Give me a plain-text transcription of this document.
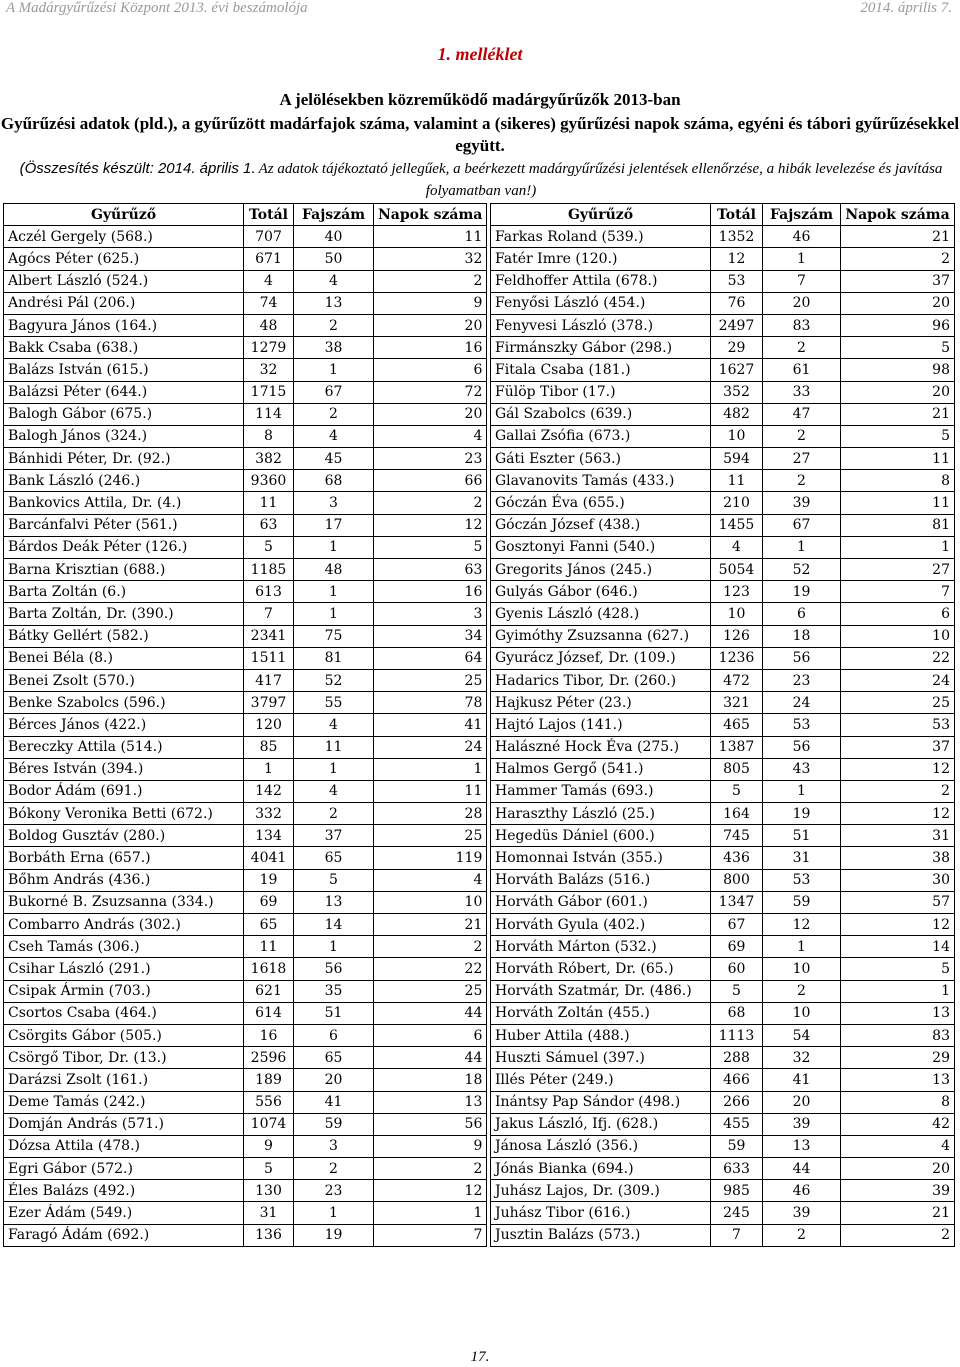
A Madárgyűrűzési Központ 2013. évi beszámolója	2014. április 7.
1. melléklet
A jelölésekben közreműködő madárgyűrűzők 2013-ban
Gyűrűzési adatok (pld.), a gyűrűzött madárfajok száma, valamint a (sikeres) gyűrűzési napok száma, egyéni és tábori gyűrűzésekkel együtt.
(Összesítés készült: 2014. április 1. Az adatok tájékoztató jellegűek, a beérkezett madárgyűrűzési jelentések ellenőrzése, a hibák levelezése és javítása folyamatban van!)
Gyűrűző	Totál	Fajszám	Napok száma
Aczél Gergely (568.)	707	40	11
Agócs Péter (625.)	671	50	32
Albert László (524.)	4	4	2
Andrési Pál (206.)	74	13	9
Bagyura János (164.)	48	2	20
Bakk Csaba (638.)	1279	38	16
Balázs István (615.)	32	1	6
Balázsi Péter (644.)	1715	67	72
Balogh Gábor (675.)	114	2	20
Balogh János (324.)	8	4	4
Bánhidi Péter, Dr. (92.)	382	45	23
Bank László (246.)	9360	68	66
Bankovics Attila, Dr. (4.)	11	3	2
Barcánfalvi Péter (561.)	63	17	12
Bárdos Deák Péter (126.)	5	1	5
Barna Krisztian (688.)	1185	48	63
Barta Zoltán (6.)	613	1	16
Barta Zoltán, Dr. (390.)	7	1	3
Bátky Gellért (582.)	2341	75	34
Benei Béla (8.)	1511	81	64
Benei Zsolt (570.)	417	52	25
Benke Szabolcs (596.)	3797	55	78
Bérces János (422.)	120	4	41
Bereczky Attila (514.)	85	11	24
Béres István (394.)	1	1	1
Bodor Ádám (691.)	142	4	11
Bókony Veronika Betti (672.)	332	2	28
Boldog Gusztáv (280.)	134	37	25
Borbáth Erna (657.)	4041	65	119
Bőhm András (436.)	19	5	4
Bukorné B. Zsuzsanna (334.)	69	13	10
Combarro András (302.)	65	14	21
Cseh Tamás (306.)	11	1	2
Csihar László (291.)	1618	56	22
Csipak Ármin (703.)	621	35	25
Csortos Csaba (464.)	614	51	44
Csörgits Gábor (505.)	16	6	6
Csörgő Tibor, Dr. (13.)	2596	65	44
Darázsi Zsolt (161.)	189	20	18
Deme Tamás (242.)	556	41	13
Domján András (571.)	1074	59	56
Dózsa Attila (478.)	9	3	9
Egri Gábor (572.)	5	2	2
Éles Balázs (492.)	130	23	12
Ezer Ádám (549.)	31	1	1
Faragó Ádám (692.)	136	19	7
Gyűrűző	Totál	Fajszám	Napok száma
Farkas Roland (539.)	1352	46	21
Fatér Imre (120.)	12	1	2
Feldhoffer Attila (678.)	53	7	37
Fenyősi László (454.)	76	20	20
Fenyvesi László (378.)	2497	83	96
Firmánszky Gábor (298.)	29	2	5
Fitala Csaba (181.)	1627	61	98
Fülöp Tibor (17.)	352	33	20
Gál Szabolcs (639.)	482	47	21
Gallai Zsófia (673.)	10	2	5
Gáti Eszter (563.)	594	27	11
Glavanovits Tamás (433.)	11	2	8
Góczán Éva (655.)	210	39	11
Góczán József (438.)	1455	67	81
Gosztonyi Fanni (540.)	4	1	1
Gregorits János (245.)	5054	52	27
Gulyás Gábor (646.)	123	19	7
Gyenis László (428.)	10	6	6
Gyimóthy Zsuzsanna (627.)	126	18	10
Gyurácz József, Dr. (109.)	1236	56	22
Hadarics Tibor, Dr. (260.)	472	23	24
Hajkusz Péter (23.)	321	24	25
Hajtó Lajos (141.)	465	53	53
Halászné Hock Éva (275.)	1387	56	37
Halmos Gergő (541.)	805	43	12
Hammer Tamás (693.)	5	1	2
Haraszthy László (25.)	164	19	12
Hegedüs Dániel (600.)	745	51	31
Homonnai István (355.)	436	31	38
Horváth Balázs (516.)	800	53	30
Horváth Gábor (601.)	1347	59	57
Horváth Gyula (402.)	67	12	12
Horváth Márton (532.)	69	1	14
Horváth Róbert, Dr. (65.)	60	10	5
Horváth Szatmár, Dr. (486.)	5	2	1
Horváth Zoltán (455.)	68	10	13
Huber Attila (488.)	1113	54	83
Huszti Sámuel (397.)	288	32	29
Illés Péter (249.)	466	41	13
Inántsy Pap Sándor (498.)	266	20	8
Jakus László, Ifj. (628.)	455	39	42
Jánosa László (356.)	59	13	4
Jónás Bianka (694.)	633	44	20
Juhász Lajos, Dr. (309.)	985	46	39
Juhász Tibor (616.)	245	39	21
Jusztin Balázs (573.)	7	2	2
17.
